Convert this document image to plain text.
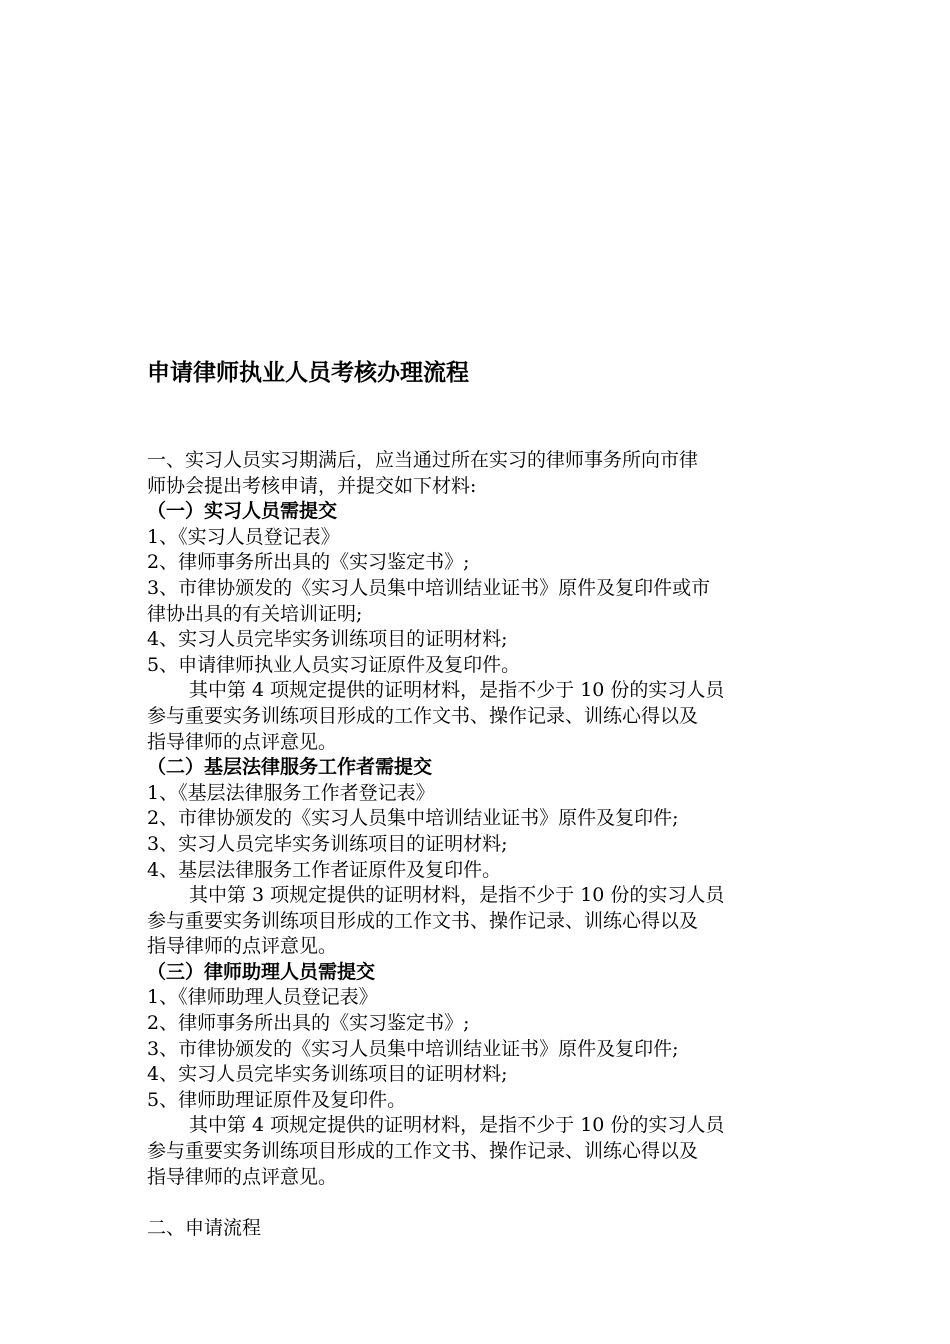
申请律师执业人员考核办理流程
一、实习人员实习期满后，应当通过所在实习的律师事务所向市律
师协会提出考核申请，并提交如下材料:
（一）实习人员需提交
1、《实习人员登记表》
2、律师事务所出具的《实习鉴定书》;
3、市律协颁发的《实习人员集中培训结业证书》原件及复印件或市
律协出具的有关培训证明;
4、实习人员完毕实务训练项目的证明材料;
5、申请律师执业人员实习证原件及复印件。
其中第 4 项规定提供的证明材料，是指不少于 10 份的实习人员
参与重要实务训练项目形成的工作文书、操作记录、训练心得以及
指导律师的点评意见。
（二）基层法律服务工作者需提交
1、《基层法律服务工作者登记表》
2、市律协颁发的《实习人员集中培训结业证书》原件及复印件;
3、实习人员完毕实务训练项目的证明材料;
4、基层法律服务工作者证原件及复印件。
其中第 3 项规定提供的证明材料，是指不少于 10 份的实习人员
参与重要实务训练项目形成的工作文书、操作记录、训练心得以及
指导律师的点评意见。
（三）律师助理人员需提交
1、《律师助理人员登记表》
2、律师事务所出具的《实习鉴定书》;
3、市律协颁发的《实习人员集中培训结业证书》原件及复印件;
4、实习人员完毕实务训练项目的证明材料;
5、律师助理证原件及复印件。
其中第 4 项规定提供的证明材料，是指不少于 10 份的实习人员
参与重要实务训练项目形成的工作文书、操作记录、训练心得以及
指导律师的点评意见。
二、申请流程
